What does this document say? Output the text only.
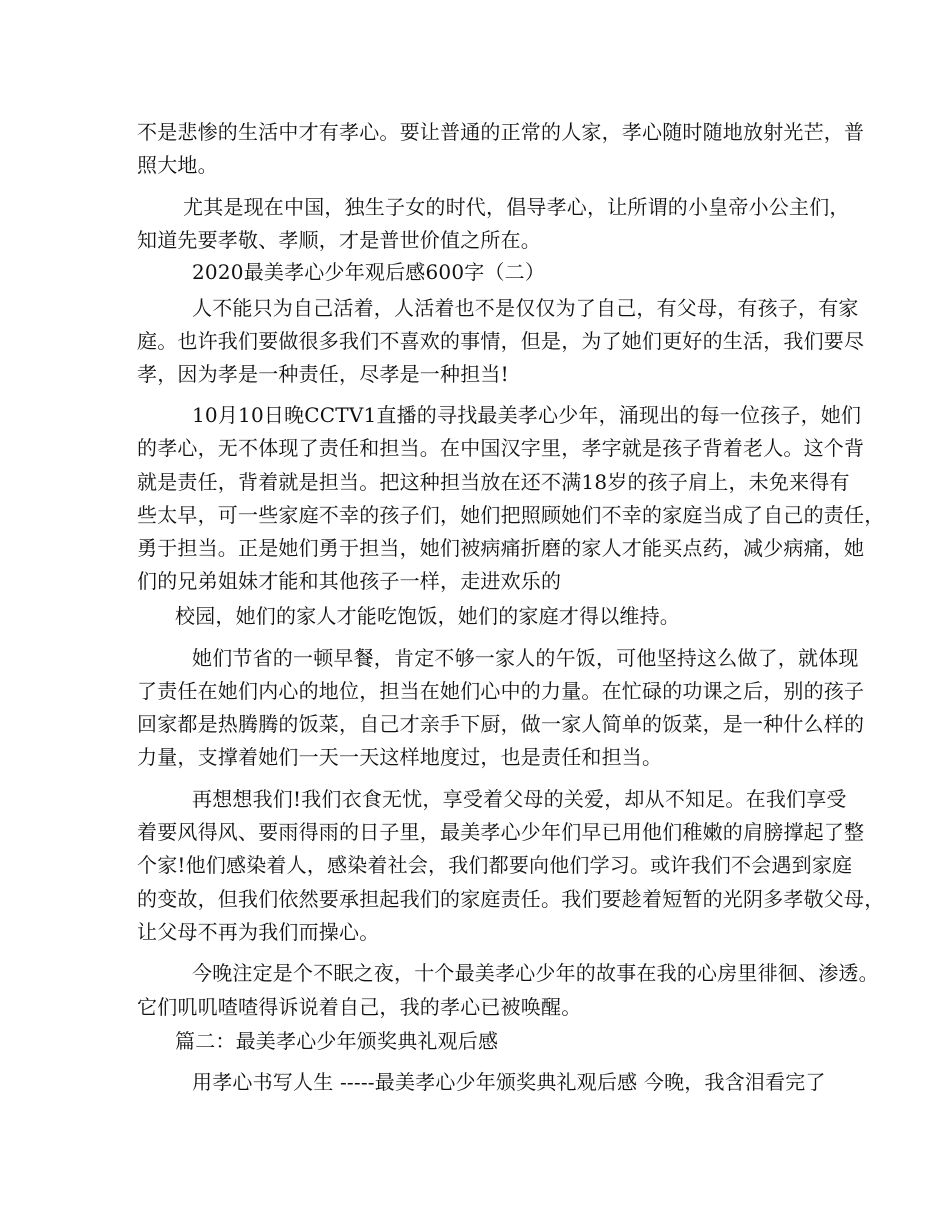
不是悲惨的生活中才有孝心。要让普通的正常的人家，孝心随时随地放射光芒，普
照大地。
尤其是现在中国，独生子女的时代，倡导孝心，让所谓的小皇帝小公主们，
知道先要孝敬、孝顺，才是普世价值之所在。
2020最美孝心少年观后感600字（二）
人不能只为自己活着，人活着也不是仅仅为了自己，有父母，有孩子，有家
庭。也许我们要做很多我们不喜欢的事情，但是，为了她们更好的生活，我们要尽
孝，因为孝是一种责任，尽孝是一种担当!
10月10日晚CCTV1直播的寻找最美孝心少年，涌现出的每一位孩子，她们
的孝心，无不体现了责任和担当。在中国汉字里，孝字就是孩子背着老人。这个背
就是责任，背着就是担当。把这种担当放在还不满18岁的孩子肩上，未免来得有
些太早，可一些家庭不幸的孩子们，她们把照顾她们不幸的家庭当成了自己的责任，
勇于担当。正是她们勇于担当，她们被病痛折磨的家人才能买点药，减少病痛，她
们的兄弟姐妹才能和其他孩子一样，走进欢乐的
校园，她们的家人才能吃饱饭，她们的家庭才得以维持。
她们节省的一顿早餐，肯定不够一家人的午饭，可他坚持这么做了，就体现
了责任在她们内心的地位，担当在她们心中的力量。在忙碌的功课之后，别的孩子
回家都是热腾腾的饭菜，自己才亲手下厨，做一家人简单的饭菜，是一种什么样的
力量，支撑着她们一天一天这样地度过，也是责任和担当。
再想想我们!我们衣食无忧，享受着父母的关爱，却从不知足。在我们享受
着要风得风、要雨得雨的日子里，最美孝心少年们早已用他们稚嫩的肩膀撑起了整
个家!他们感染着人，感染着社会，我们都要向他们学习。或许我们不会遇到家庭
的变故，但我们依然要承担起我们的家庭责任。我们要趁着短暂的光阴多孝敬父母，
让父母不再为我们而操心。
今晚注定是个不眠之夜，十个最美孝心少年的故事在我的心房里徘徊、渗透。
它们叽叽喳喳得诉说着自己，我的孝心已被唤醒。
篇二：最美孝心少年颁奖典礼观后感
用孝心书写人生 -----最美孝心少年颁奖典礼观后感 今晚，我含泪看完了
